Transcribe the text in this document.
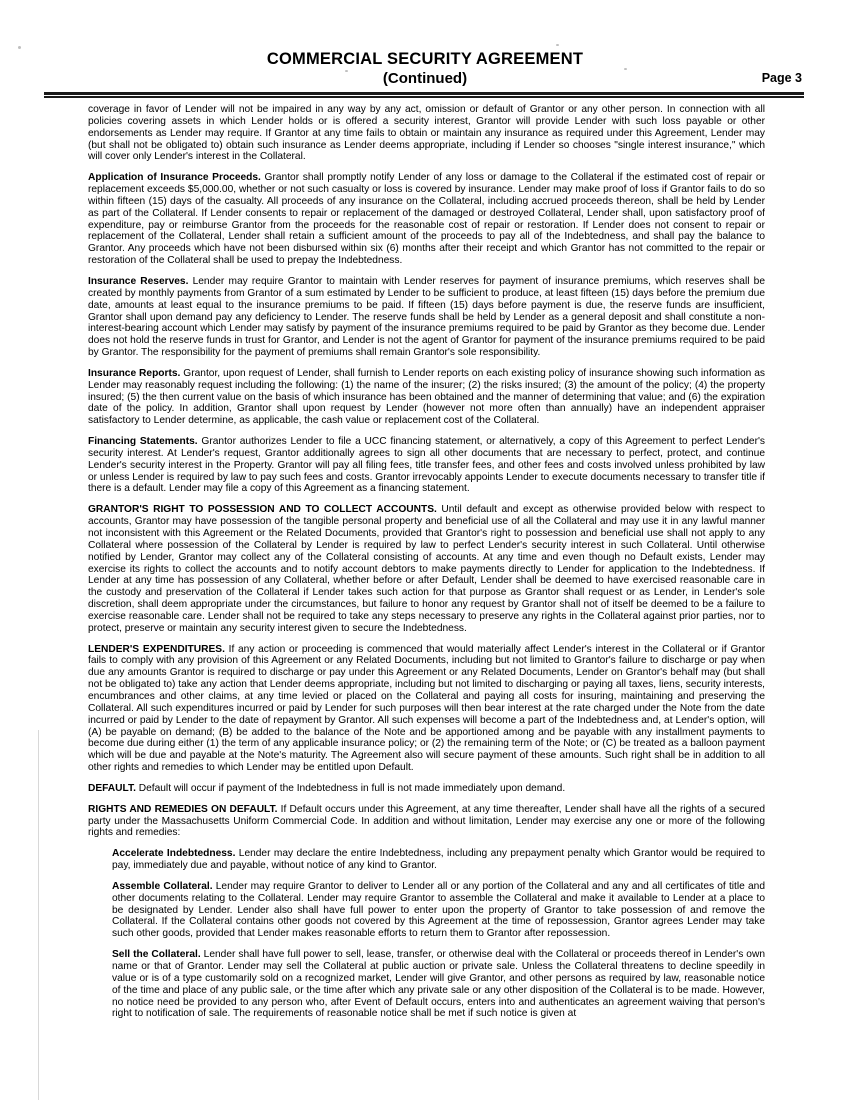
COMMERCIAL SECURITY AGREEMENT
(Continued)	Page 3

coverage in favor of Lender will not be impaired in any way by any act, omission or default of Grantor or any other person. In connection with all policies covering assets in which Lender holds or is offered a security interest, Grantor will provide Lender with such loss payable or other endorsements as Lender may require. If Grantor at any time fails to obtain or maintain any insurance as required under this Agreement, Lender may (but shall not be obligated to) obtain such insurance as Lender deems appropriate, including if Lender so chooses "single interest insurance," which will cover only Lender's interest in the Collateral.

Application of Insurance Proceeds. Grantor shall promptly notify Lender of any loss or damage to the Collateral if the estimated cost of repair or replacement exceeds $5,000.00, whether or not such casualty or loss is covered by insurance. Lender may make proof of loss if Grantor fails to do so within fifteen (15) days of the casualty. All proceeds of any insurance on the Collateral, including accrued proceeds thereon, shall be held by Lender as part of the Collateral. If Lender consents to repair or replacement of the damaged or destroyed Collateral, Lender shall, upon satisfactory proof of expenditure, pay or reimburse Grantor from the proceeds for the reasonable cost of repair or restoration. If Lender does not consent to repair or replacement of the Collateral, Lender shall retain a sufficient amount of the proceeds to pay all of the Indebtedness, and shall pay the balance to Grantor. Any proceeds which have not been disbursed within six (6) months after their receipt and which Grantor has not committed to the repair or restoration of the Collateral shall be used to prepay the Indebtedness.

Insurance Reserves. Lender may require Grantor to maintain with Lender reserves for payment of insurance premiums, which reserves shall be created by monthly payments from Grantor of a sum estimated by Lender to be sufficient to produce, at least fifteen (15) days before the premium due date, amounts at least equal to the insurance premiums to be paid. If fifteen (15) days before payment is due, the reserve funds are insufficient, Grantor shall upon demand pay any deficiency to Lender. The reserve funds shall be held by Lender as a general deposit and shall constitute a non-interest-bearing account which Lender may satisfy by payment of the insurance premiums required to be paid by Grantor as they become due. Lender does not hold the reserve funds in trust for Grantor, and Lender is not the agent of Grantor for payment of the insurance premiums required to be paid by Grantor. The responsibility for the payment of premiums shall remain Grantor's sole responsibility.

Insurance Reports. Grantor, upon request of Lender, shall furnish to Lender reports on each existing policy of insurance showing such information as Lender may reasonably request including the following: (1) the name of the insurer; (2) the risks insured; (3) the amount of the policy; (4) the property insured; (5) the then current value on the basis of which insurance has been obtained and the manner of determining that value; and (6) the expiration date of the policy. In addition, Grantor shall upon request by Lender (however not more often than annually) have an independent appraiser satisfactory to Lender determine, as applicable, the cash value or replacement cost of the Collateral.

Financing Statements. Grantor authorizes Lender to file a UCC financing statement, or alternatively, a copy of this Agreement to perfect Lender's security interest. At Lender's request, Grantor additionally agrees to sign all other documents that are necessary to perfect, protect, and continue Lender's security interest in the Property. Grantor will pay all filing fees, title transfer fees, and other fees and costs involved unless prohibited by law or unless Lender is required by law to pay such fees and costs. Grantor irrevocably appoints Lender to execute documents necessary to transfer title if there is a default. Lender may file a copy of this Agreement as a financing statement.

GRANTOR'S RIGHT TO POSSESSION AND TO COLLECT ACCOUNTS. Until default and except as otherwise provided below with respect to accounts, Grantor may have possession of the tangible personal property and beneficial use of all the Collateral and may use it in any lawful manner not inconsistent with this Agreement or the Related Documents, provided that Grantor's right to possession and beneficial use shall not apply to any Collateral where possession of the Collateral by Lender is required by law to perfect Lender's security interest in such Collateral. Until otherwise notified by Lender, Grantor may collect any of the Collateral consisting of accounts. At any time and even though no Default exists, Lender may exercise its rights to collect the accounts and to notify account debtors to make payments directly to Lender for application to the Indebtedness. If Lender at any time has possession of any Collateral, whether before or after Default, Lender shall be deemed to have exercised reasonable care in the custody and preservation of the Collateral if Lender takes such action for that purpose as Grantor shall request or as Lender, in Lender's sole discretion, shall deem appropriate under the circumstances, but failure to honor any request by Grantor shall not of itself be deemed to be a failure to exercise reasonable care. Lender shall not be required to take any steps necessary to preserve any rights in the Collateral against prior parties, nor to protect, preserve or maintain any security interest given to secure the Indebtedness.

LENDER'S EXPENDITURES. If any action or proceeding is commenced that would materially affect Lender's interest in the Collateral or if Grantor fails to comply with any provision of this Agreement or any Related Documents, including but not limited to Grantor's failure to discharge or pay when due any amounts Grantor is required to discharge or pay under this Agreement or any Related Documents, Lender on Grantor's behalf may (but shall not be obligated to) take any action that Lender deems appropriate, including but not limited to discharging or paying all taxes, liens, security interests, encumbrances and other claims, at any time levied or placed on the Collateral and paying all costs for insuring, maintaining and preserving the Collateral. All such expenditures incurred or paid by Lender for such purposes will then bear interest at the rate charged under the Note from the date incurred or paid by Lender to the date of repayment by Grantor. All such expenses will become a part of the Indebtedness and, at Lender's option, will (A) be payable on demand; (B) be added to the balance of the Note and be apportioned among and be payable with any installment payments to become due during either (1) the term of any applicable insurance policy; or (2) the remaining term of the Note; or (C) be treated as a balloon payment which will be due and payable at the Note's maturity. The Agreement also will secure payment of these amounts. Such right shall be in addition to all other rights and remedies to which Lender may be entitled upon Default.

DEFAULT. Default will occur if payment of the Indebtedness in full is not made immediately upon demand.

RIGHTS AND REMEDIES ON DEFAULT. If Default occurs under this Agreement, at any time thereafter, Lender shall have all the rights of a secured party under the Massachusetts Uniform Commercial Code. In addition and without limitation, Lender may exercise any one or more of the following rights and remedies:

Accelerate Indebtedness. Lender may declare the entire Indebtedness, including any prepayment penalty which Grantor would be required to pay, immediately due and payable, without notice of any kind to Grantor.

Assemble Collateral. Lender may require Grantor to deliver to Lender all or any portion of the Collateral and any and all certificates of title and other documents relating to the Collateral. Lender may require Grantor to assemble the Collateral and make it available to Lender at a place to be designated by Lender. Lender also shall have full power to enter upon the property of Grantor to take possession of and remove the Collateral. If the Collateral contains other goods not covered by this Agreement at the time of repossession, Grantor agrees Lender may take such other goods, provided that Lender makes reasonable efforts to return them to Grantor after repossession.

Sell the Collateral. Lender shall have full power to sell, lease, transfer, or otherwise deal with the Collateral or proceeds thereof in Lender's own name or that of Grantor. Lender may sell the Collateral at public auction or private sale. Unless the Collateral threatens to decline speedily in value or is of a type customarily sold on a recognized market, Lender will give Grantor, and other persons as required by law, reasonable notice of the time and place of any public sale, or the time after which any private sale or any other disposition of the Collateral is to be made. However, no notice need be provided to any person who, after Event of Default occurs, enters into and authenticates an agreement waiving that person's right to notification of sale. The requirements of reasonable notice shall be met if such notice is given at
